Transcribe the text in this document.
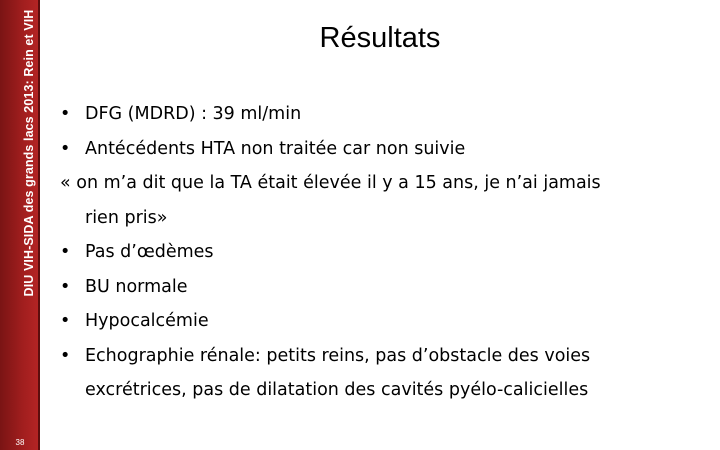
DIU VIH-SIDA des grands lacs 2013: Rein et VIH
38
Résultats
• DFG (MDRD) : 39 ml/min
• Antécédents HTA non traitée car non suivie
« on m’a dit que la TA était élevée il y a 15 ans, je n’ai jamais
rien pris»
• Pas d’œdèmes
• BU normale
• Hypocalcémie
• Echographie rénale: petits reins, pas d’obstacle des voies
excrétrices, pas de dilatation des cavités pyélo-calicielles
